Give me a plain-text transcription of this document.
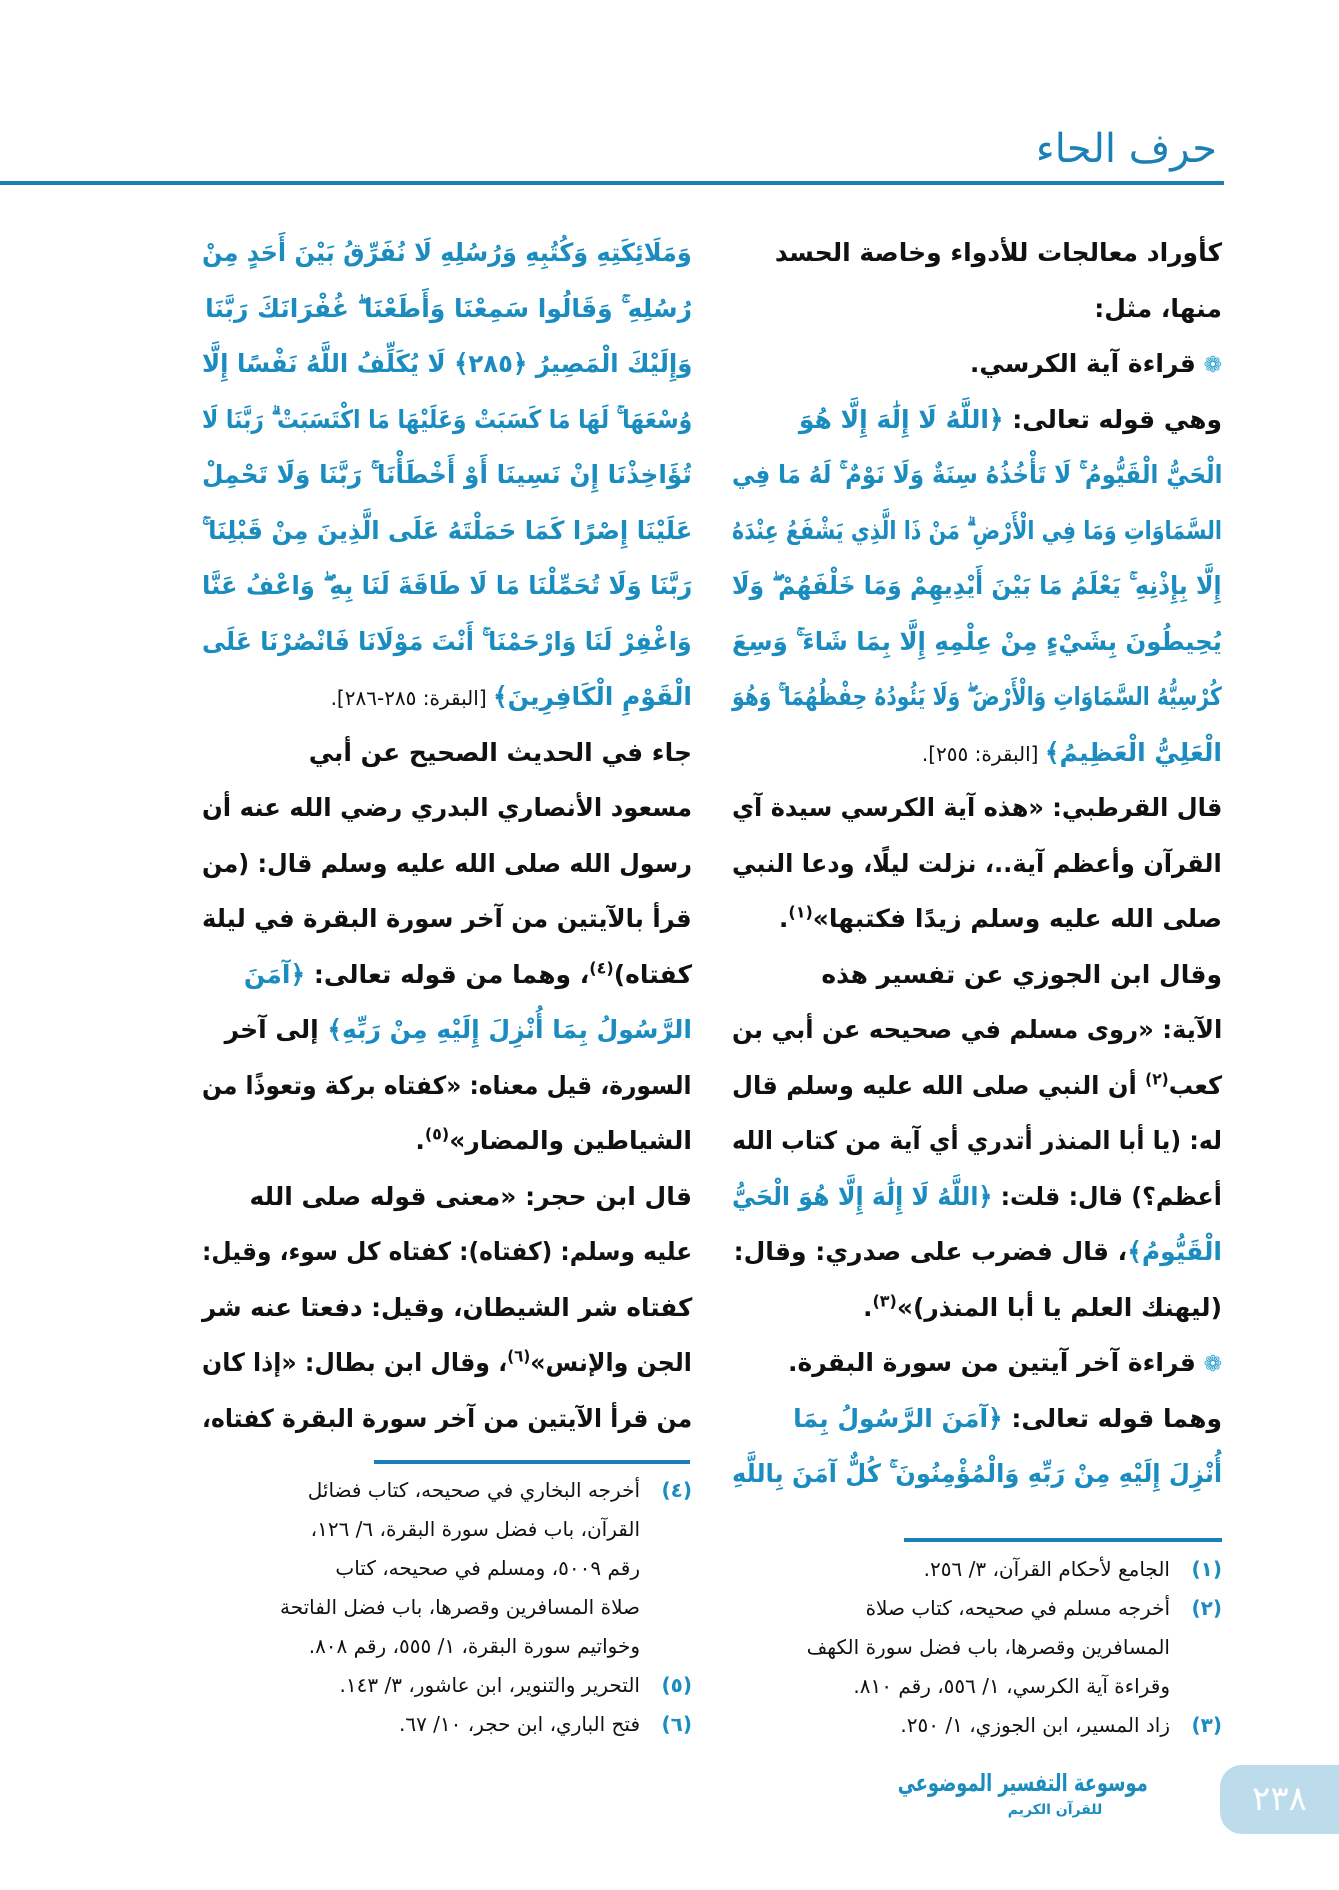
حرف الحاء
كأوراد معالجات للأدواء وخاصة الحسد
منها، مثل:
❁ قراءة آية الكرسي.
وهي قوله تعالى: ﴿اللَّهُ لَا إِلَٰهَ إِلَّا هُوَ
الْحَيُّ الْقَيُّومُ ۚ لَا تَأْخُذُهُ سِنَةٌ وَلَا نَوْمٌ ۚ لَهُ مَا فِي
السَّمَاوَاتِ وَمَا فِي الْأَرْضِ ۗ مَنْ ذَا الَّذِي يَشْفَعُ عِنْدَهُ
إِلَّا بِإِذْنِهِ ۚ يَعْلَمُ مَا بَيْنَ أَيْدِيهِمْ وَمَا خَلْفَهُمْ ۖ وَلَا
يُحِيطُونَ بِشَيْءٍ مِنْ عِلْمِهِ إِلَّا بِمَا شَاءَ ۚ وَسِعَ
كُرْسِيُّهُ السَّمَاوَاتِ وَالْأَرْضَ ۖ وَلَا يَئُودُهُ حِفْظُهُمَا ۚ وَهُوَ
الْعَلِيُّ الْعَظِيمُ﴾ [البقرة: ٢٥٥].
قال القرطبي: «هذه آية الكرسي سيدة آي
القرآن وأعظم آية..، نزلت ليلًا، ودعا النبي
صلى الله عليه وسلم زيدًا فكتبها»$^{(١)}$.
وقال ابن الجوزي عن تفسير هذه
الآية: «روى مسلم في صحيحه عن أبي بن
كعب$^{(٢)}$ أن النبي صلى الله عليه وسلم قال
له: (يا أبا المنذر أتدري أي آية من كتاب الله
أعظم؟) قال: قلت: ﴿اللَّهُ لَا إِلَٰهَ إِلَّا هُوَ الْحَيُّ
الْقَيُّومُ﴾، قال فضرب على صدري: وقال:
(ليهنك العلم يا أبا المنذر)»$^{(٣)}$.
❁ قراءة آخر آيتين من سورة البقرة.
وهما قوله تعالى: ﴿آمَنَ الرَّسُولُ بِمَا
أُنْزِلَ إِلَيْهِ مِنْ رَبِّهِ وَالْمُؤْمِنُونَ ۚ كُلٌّ آمَنَ بِاللَّهِ
وَمَلَائِكَتِهِ وَكُتُبِهِ وَرُسُلِهِ لَا نُفَرِّقُ بَيْنَ أَحَدٍ مِنْ
رُسُلِهِ ۚ وَقَالُوا سَمِعْنَا وَأَطَعْنَا ۖ غُفْرَانَكَ رَبَّنَا
وَإِلَيْكَ الْمَصِيرُ ﴿٢٨٥﴾ لَا يُكَلِّفُ اللَّهُ نَفْسًا إِلَّا
وُسْعَهَا ۚ لَهَا مَا كَسَبَتْ وَعَلَيْهَا مَا اكْتَسَبَتْ ۗ رَبَّنَا لَا
تُؤَاخِذْنَا إِنْ نَسِينَا أَوْ أَخْطَأْنَا ۚ رَبَّنَا وَلَا تَحْمِلْ
عَلَيْنَا إِصْرًا كَمَا حَمَلْتَهُ عَلَى الَّذِينَ مِنْ قَبْلِنَا ۚ
رَبَّنَا وَلَا تُحَمِّلْنَا مَا لَا طَاقَةَ لَنَا بِهِ ۖ وَاعْفُ عَنَّا
وَاغْفِرْ لَنَا وَارْحَمْنَا ۚ أَنْتَ مَوْلَانَا فَانْصُرْنَا عَلَى
الْقَوْمِ الْكَافِرِينَ﴾ [البقرة: ٢٨٥-٢٨٦].
جاء في الحديث الصحيح عن أبي
مسعود الأنصاري البدري رضي الله عنه أن
رسول الله صلى الله عليه وسلم قال: (من
قرأ بالآيتين من آخر سورة البقرة في ليلة
كفتاه)$^{(٤)}$، وهما من قوله تعالى: ﴿آمَنَ
الرَّسُولُ بِمَا أُنْزِلَ إِلَيْهِ مِنْ رَبِّهِ﴾ إلى آخر
السورة، قيل معناه: «كفتاه بركة وتعوذًا من
الشياطين والمضار»$^{(٥)}$.
قال ابن حجر: «معنى قوله صلى الله
عليه وسلم: (كفتاه): كفتاه كل سوء، وقيل:
كفتاه شر الشيطان، وقيل: دفعتا عنه شر
الجن والإنس»$^{(٦)}$، وقال ابن بطال: «إذا كان
من قرأ الآيتين من آخر سورة البقرة كفتاه،
(١)
الجامع لأحكام القرآن، ٣/ ٢٥٦.
(٢)
أخرجه مسلم في صحيحه، كتاب صلاة
المسافرين وقصرها، باب فضل سورة الكهف
وقراءة آية الكرسي، ١/ ٥٥٦، رقم ٨١٠.
(٣)
زاد المسير، ابن الجوزي، ١/ ٢٥٠.
(٤)
أخرجه البخاري في صحيحه، كتاب فضائل
القرآن، باب فضل سورة البقرة، ٦/ ١٢٦،
رقم ٥٠٠٩، ومسلم في صحيحه، كتاب
صلاة المسافرين وقصرها، باب فضل الفاتحة
وخواتيم سورة البقرة، ١/ ٥٥٥، رقم ٨٠٨.
(٥)
التحرير والتنوير، ابن عاشور، ٣/ ١٤٣.
(٦)
فتح الباري، ابن حجر، ١٠/ ٦٧.
موسوعة التفسير الموضوعي
للقرآن الكريم	٢٣٨
